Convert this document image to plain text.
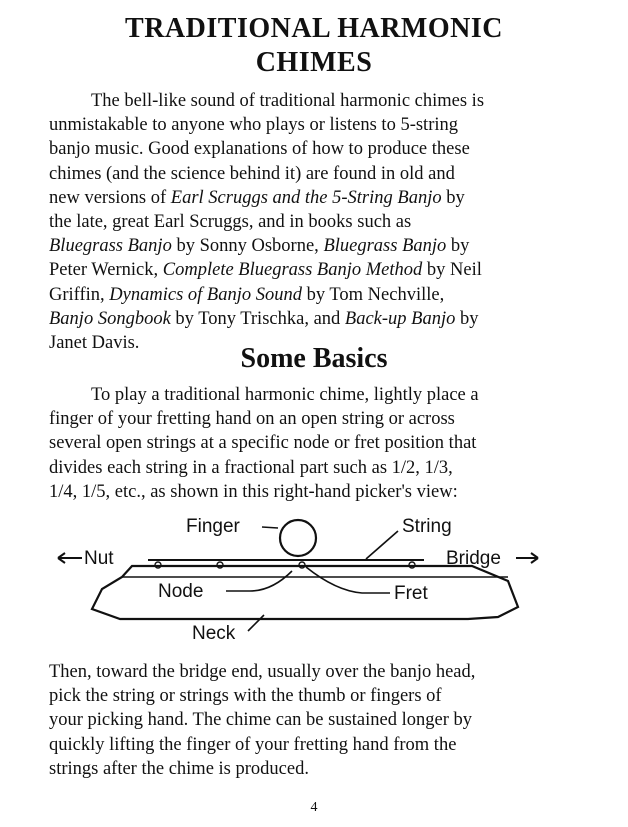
TRADITIONAL HARMONIC
CHIMES

The bell-like sound of traditional harmonic chimes is

unmistakable to anyone who plays or listens to 5-string

banjo music. Good explanations of how to produce these

chimes (and the science behind it) are found in old and

new versions of Earl Scruggs and the 5-String Banjo by

the late, great Earl Scruggs, and in books such as

Bluegrass Banjo by Sonny Osborne, Bluegrass Banjo by

Peter Wernick, Complete Bluegrass Banjo Method by Neil

Griffin, Dynamics of Banjo Sound by Tom Nechville,

Banjo Songbook by Tony Trischka, and Back-up Banjo by

Janet Davis.	Some Basics

To play a traditional harmonic chime, lightly place a

finger of your fretting hand on an open string or across

several open strings at a specific node or fret position that

divides each string in a fractional part such as 1/2, 1/3,

1/4, 1/5, etc., as shown in this right-hand picker's view:

Finger	String
Nut	Bridge
Node	Fret
Neck

Then, toward the bridge end, usually over the banjo head,

pick the string or strings with the thumb or fingers of

your picking hand. The chime can be sustained longer by

quickly lifting the finger of your fretting hand from the

strings after the chime is produced.

4
